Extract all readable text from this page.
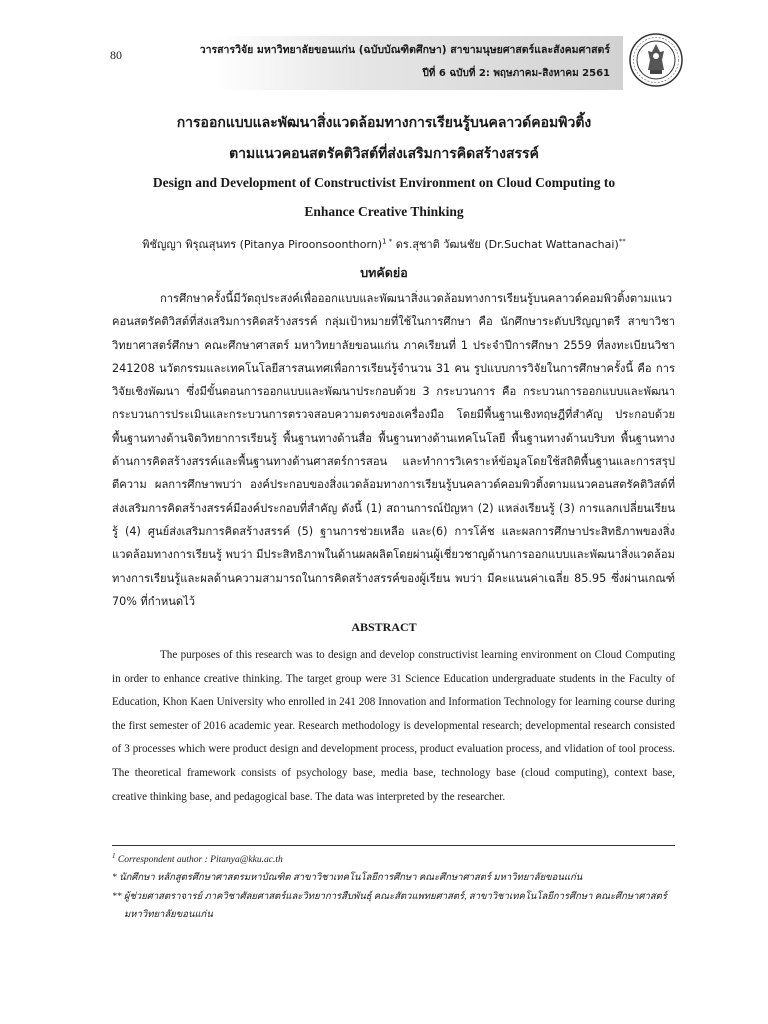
80	วารสารวิจัย มหาวิทยาลัยขอนแก่น (ฉบับบัณฑิตศึกษา) สาขามนุษยศาสตร์และสังคมศาสตร์
ปีที่ 6 ฉบับที่ 2: พฤษภาคม-สิงหาคม 2561
การออกแบบและพัฒนาสิ่งแวดล้อมทางการเรียนรู้บนคลาวด์คอมพิวติ้ง
ตามแนวคอนสตรัคติวิสต์ที่ส่งเสริมการคิดสร้างสรรค์
Design and Development of Constructivist Environment on Cloud Computing to
Enhance Creative Thinking
พิชัญญา พิรุณสุนทร (Pitanya Piroonsoonthorn)$^{1 *}$ ดร.สุชาติ วัฒนชัย (Dr.Suchat Wattanachai)**
บทคัดย่อ
การศึกษาครั้งนี้มีวัตถุประสงค์เพื่อออกแบบและพัฒนาสิ่งแวดล้อมทางการเรียนรู้บนคลาวด์คอมพิวติ้งตามแนวคอนสตรัคติวิสต์ที่ส่งเสริมการคิดสร้างสรรค์ กลุ่มเป้าหมายที่ใช้ในการศึกษา คือ นักศึกษาระดับปริญญาตรี สาขาวิชาวิทยาศาสตร์ศึกษา คณะศึกษาศาสตร์ มหาวิทยาลัยขอนแก่น ภาคเรียนที่ 1 ประจำปีการศึกษา 2559 ที่ลงทะเบียนวิชา 241208 นวัตกรรมและเทคโนโลยีสารสนเทศเพื่อการเรียนรู้จำนวน 31 คน รูปแบบการวิจัยในการศึกษาครั้งนี้ คือ การวิจัยเชิงพัฒนา ซึ่งมีขั้นตอนการออกแบบและพัฒนาประกอบด้วย 3 กระบวนการ คือ กระบวนการออกแบบและพัฒนา กระบวนการประเมินและกระบวนการตรวจสอบความตรงของเครื่องมือ โดยมีพื้นฐานเชิงทฤษฎีที่สำคัญ ประกอบด้วย พื้นฐานทางด้านจิตวิทยาการเรียนรู้ พื้นฐานทางด้านสื่อ พื้นฐานทางด้านเทคโนโลยี พื้นฐานทางด้านบริบท พื้นฐานทางด้านการคิดสร้างสรรค์และพื้นฐานทางด้านศาสตร์การสอน และทำการวิเคราะห์ข้อมูลโดยใช้สถิติพื้นฐานและการสรุปตีความ ผลการศึกษาพบว่า องค์ประกอบของสิ่งแวดล้อมทางการเรียนรู้บนคลาวด์คอมพิวติ้งตามแนวคอนสตรัคติวิสต์ที่ส่งเสริมการคิดสร้างสรรค์มีองค์ประกอบที่สำคัญ ดังนี้ (1) สถานการณ์ปัญหา (2) แหล่งเรียนรู้ (3) การแลกเปลี่ยนเรียนรู้ (4) ศูนย์ส่งเสริมการคิดสร้างสรรค์ (5) ฐานการช่วยเหลือ และ(6) การโค้ช และผลการศึกษาประสิทธิภาพของสิ่งแวดล้อมทางการเรียนรู้ พบว่า มีประสิทธิภาพในด้านผลผลิตโดยผ่านผู้เชี่ยวชาญด้านการออกแบบและพัฒนาสิ่งแวดล้อมทางการเรียนรู้และผลด้านความสามารถในการคิดสร้างสรรค์ของผู้เรียน พบว่า มีคะแนนค่าเฉลี่ย 85.95 ซึ่งผ่านเกณฑ์ 70% ที่กำหนดไว้
ABSTRACT
The purposes of this research was to design and develop constructivist learning environment on Cloud Computing in order to enhance creative thinking. The target group were 31 Science Education undergraduate students in the Faculty of Education, Khon Kaen University who enrolled in 241 208 Innovation and Information Technology for learning course during the first semester of 2016 academic year. Research methodology is developmental research; developmental research consisted of 3 processes which were product design and development process, product evaluation process, and vlidation of tool process. The theoretical framework consists of psychology base, media base, technology base (cloud computing), context base, creative thinking base, and pedagogical base. The data was interpreted by the researcher.
$^1$ Correspondent author : Pitanya@kku.ac.th
* นักศึกษา หลักสูตรศึกษาศาสตรมหาบัณฑิต สาขาวิชาเทคโนโลยีการศึกษา คณะศึกษาศาสตร์ มหาวิทยาลัยขอนแก่น
** ผู้ช่วยศาสตราจารย์ ภาควิชาศัลยศาสตร์และวิทยาการสืบพันธุ์ คณะสัตวแพทยศาสตร์, สาขาวิชาเทคโนโลยีการศึกษา คณะศึกษาศาสตร์
มหาวิทยาลัยขอนแก่น
